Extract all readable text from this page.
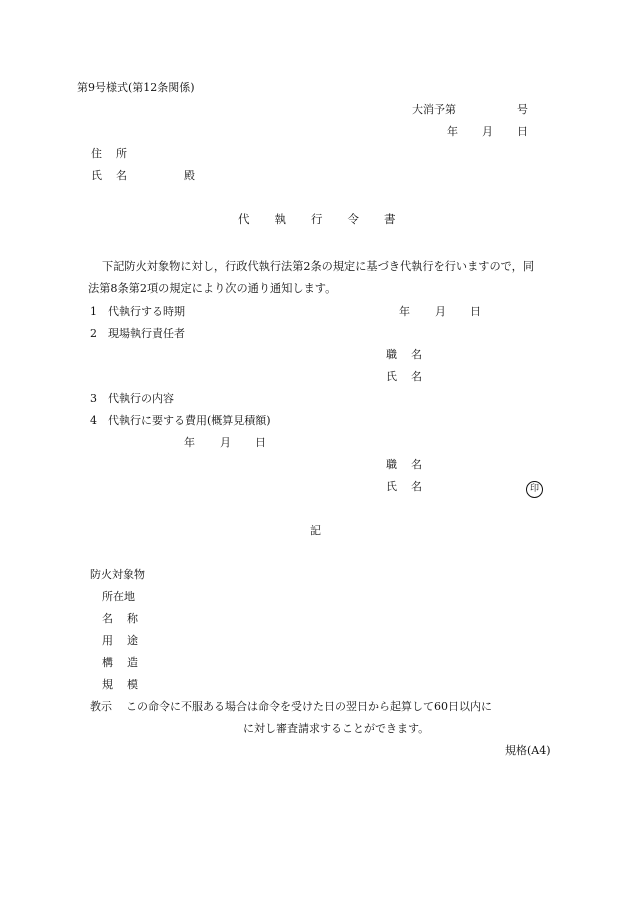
第9号様式(第12条関係)
大消予第	号
年 月 日
住所
氏名	殿
代執行令書
下記防火対象物に対し，行政代執行法第2条の規定に基づき代執行を行いますので，同
法第8条第2項の規定により次の通り通知します。
1 代執行する時期	年 月 日
2 現場執行責任者
職名
氏名
3 代執行の内容
4 代執行に要する費用(概算見積額)
年 月 日
職名
氏名	印
記
防火対象物
所在地
名称
用途
構造
規模
教示 この命令に不服ある場合は命令を受けた日の翌日から起算して60日以内に
に対し審査請求することができます。
規格(A4)
